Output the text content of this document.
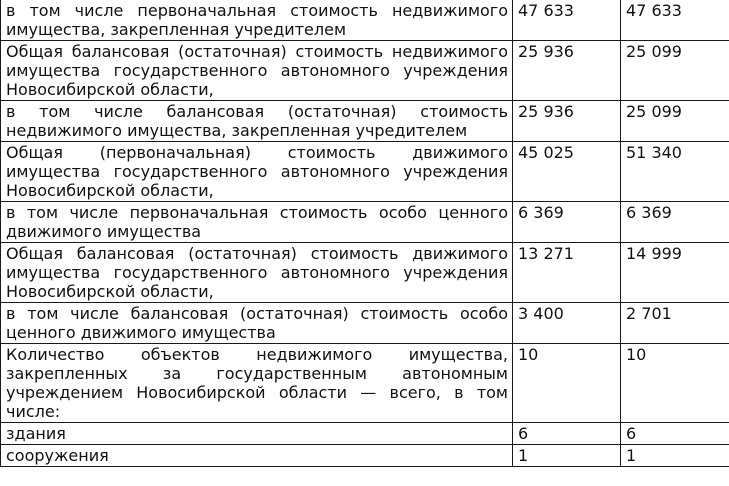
в том числе первоначальная стоимость недвижимого имущества, закрепленная учредителем	47 633	47 633
Общая балансовая (остаточная) стоимость недвижимого имущества государственного автономного учреждения Новосибирской области,	25 936	25 099
в том числе балансовая (остаточная) стоимость недвижимого имущества, закрепленная учредителем	25 936	25 099
Общая (первоначальная) стоимость движимого имущества государственного автономного учреждения Новосибирской области,	45 025	51 340
в том числе первоначальная стоимость особо ценного движимого имущества	6 369	6 369
Общая балансовая (остаточная) стоимость движимого имущества государственного автономного учреждения Новосибирской области,	13 271	14 999
в том числе балансовая (остаточная) стоимость особо ценного движимого имущества	3 400	2 701
Количество объектов недвижимого имущества, закрепленных за государственным автономным учреждением Новосибирской области — всего, в том числе:	10	10
здания	6	6
сооружения	1	1
